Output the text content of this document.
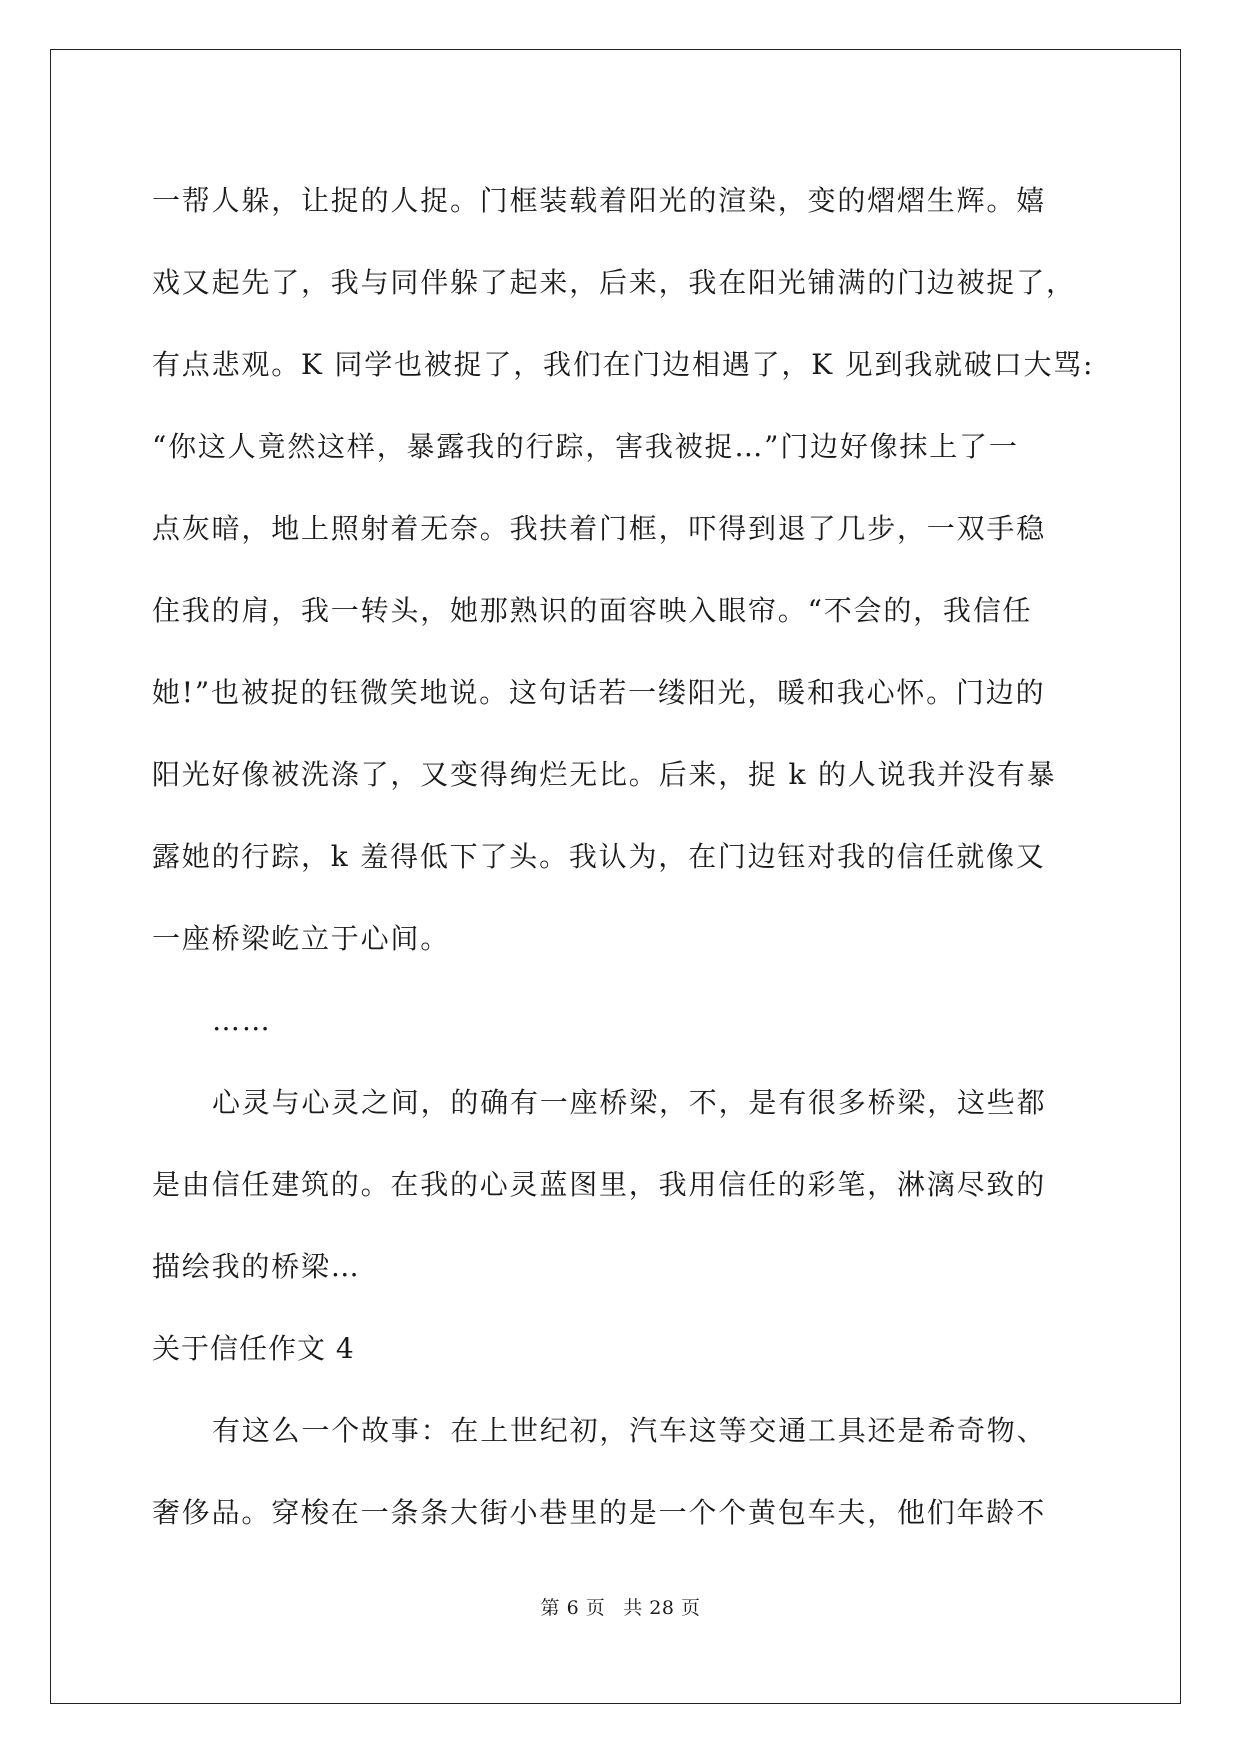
一帮人躲，让捉的人捉。门框装载着阳光的渲染，变的熠熠生辉。嬉
戏又起先了，我与同伴躲了起来，后来，我在阳光铺满的门边被捉了，
有点悲观。K 同学也被捉了，我们在门边相遇了，K 见到我就破口大骂:
“你这人竟然这样，暴露我的行踪，害我被捉…”门边好像抹上了一
点灰暗，地上照射着无奈。我扶着门框，吓得到退了几步，一双手稳
住我的肩，我一转头，她那熟识的面容映入眼帘。“不会的，我信任
她!”也被捉的钰微笑地说。这句话若一缕阳光，暖和我心怀。门边的
阳光好像被洗涤了，又变得绚烂无比。后来，捉 k 的人说我并没有暴
露她的行踪，k 羞得低下了头。我认为，在门边钰对我的信任就像又
一座桥梁屹立于心间。
……
心灵与心灵之间，的确有一座桥梁，不，是有很多桥梁，这些都
是由信任建筑的。在我的心灵蓝图里，我用信任的彩笔，淋漓尽致的
描绘我的桥梁…
关于信任作文 4
有这么一个故事：在上世纪初，汽车这等交通工具还是希奇物、
奢侈品。穿梭在一条条大街小巷里的是一个个黄包车夫，他们年龄不
第 6 页 共 28 页
